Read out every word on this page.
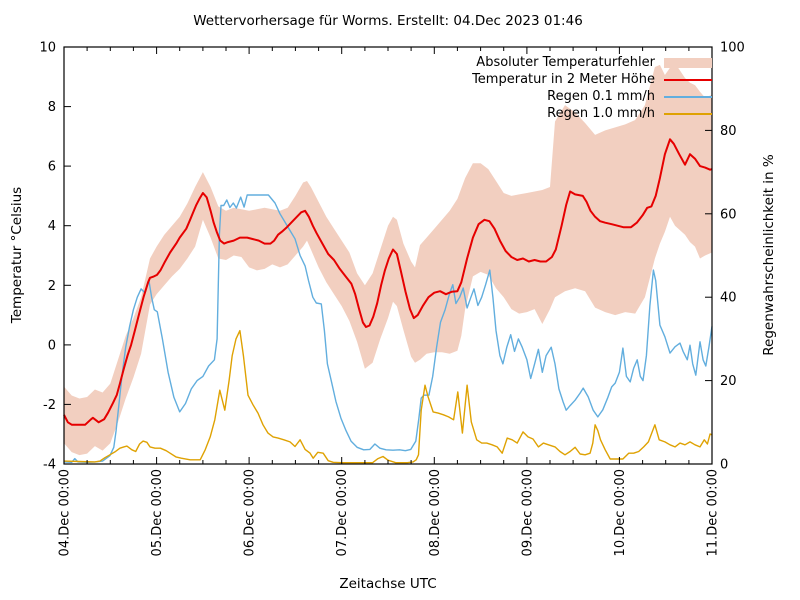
Wettervorhersage für Worms. Erstellt: 04.Dec 2023 01:46
04.Dec 00:00	05.Dec 00:00	06.Dec 00:00	07.Dec 00:00	08.Dec 00:00	09.Dec 00:00	10.Dec 00:00	11.Dec 00:00
-4
-2
0
2
4
6
8
10
0
20
40
60
80
100
Temperatur °Celsius	Regenwahrscheinlichkeit in %
Zeitachse UTC
Absoluter Temperaturfehler
Temperatur in 2 Meter Höhe
Regen 0.1 mm/h
Regen 1.0 mm/h
